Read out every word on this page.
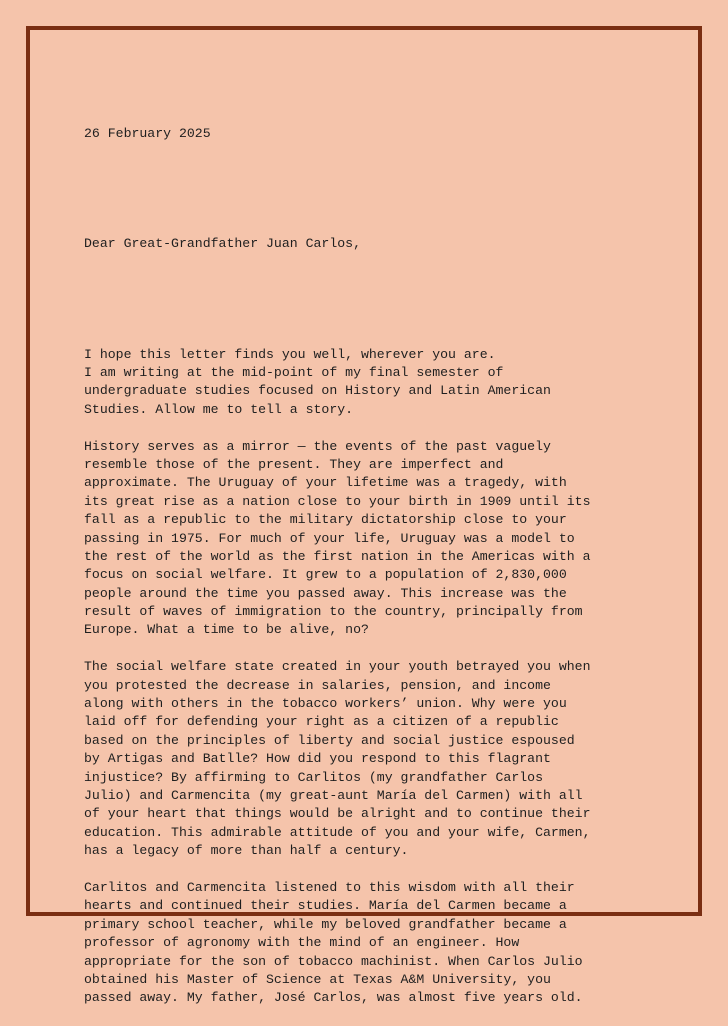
26 February 2025

Dear Great-Grandfather Juan Carlos,

I hope this letter finds you well, wherever you are.
I am writing at the mid-point of my final semester of
undergraduate studies focused on History and Latin American
Studies. Allow me to tell a story.
History serves as a mirror — the events of the past vaguely
resemble those of the present. They are imperfect and
approximate. The Uruguay of your lifetime was a tragedy, with
its great rise as a nation close to your birth in 1909 until its
fall as a republic to the military dictatorship close to your
passing in 1975. For much of your life, Uruguay was a model to
the rest of the world as the first nation in the Americas with a
focus on social welfare. It grew to a population of 2,830,000
people around the time you passed away. This increase was the
result of waves of immigration to the country, principally from
Europe. What a time to be alive, no?
The social welfare state created in your youth betrayed you when
you protested the decrease in salaries, pension, and income
along with others in the tobacco workers’ union. Why were you
laid off for defending your right as a citizen of a republic
based on the principles of liberty and social justice espoused
by Artigas and Batlle? How did you respond to this flagrant
injustice? By affirming to Carlitos (my grandfather Carlos
Julio) and Carmencita (my great-aunt María del Carmen) with all
of your heart that things would be alright and to continue their
education. This admirable attitude of you and your wife, Carmen,
has a legacy of more than half a century.
Carlitos and Carmencita listened to this wisdom with all their
hearts and continued their studies. María del Carmen became a
primary school teacher, while my beloved grandfather became a
professor of agronomy with the mind of an engineer. How
appropriate for the son of tobacco machinist. When Carlos Julio
obtained his Master of Science at Texas A&M University, you
passed away. My father, José Carlos, was almost five years old.
